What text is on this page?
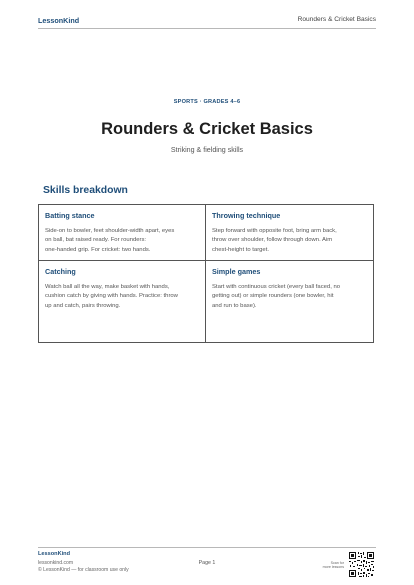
LessonKind	Rounders & Cricket Basics
SPORTS · GRADES 4–6
Rounders & Cricket Basics
Striking & fielding skills
Skills breakdown
Batting stance
Side-on to bowler, feet shoulder-width apart, eyes
on ball, bat raised ready. For rounders:
one-handed grip. For cricket: two hands.
Throwing technique
Step forward with opposite foot, bring arm back,
throw over shoulder, follow through down. Aim
chest-height to target.
Catching
Watch ball all the way, make basket with hands,
cushion catch by giving with hands. Practice: throw
up and catch, pairs throwing.
Simple games
Start with continuous cricket (every ball faced, no
getting out) or simple rounders (one bowler, hit
and run to base).
LessonKind
lessonkind.com
© LessonKind — for classroom use only
Page 1	Scan for
more lessons
